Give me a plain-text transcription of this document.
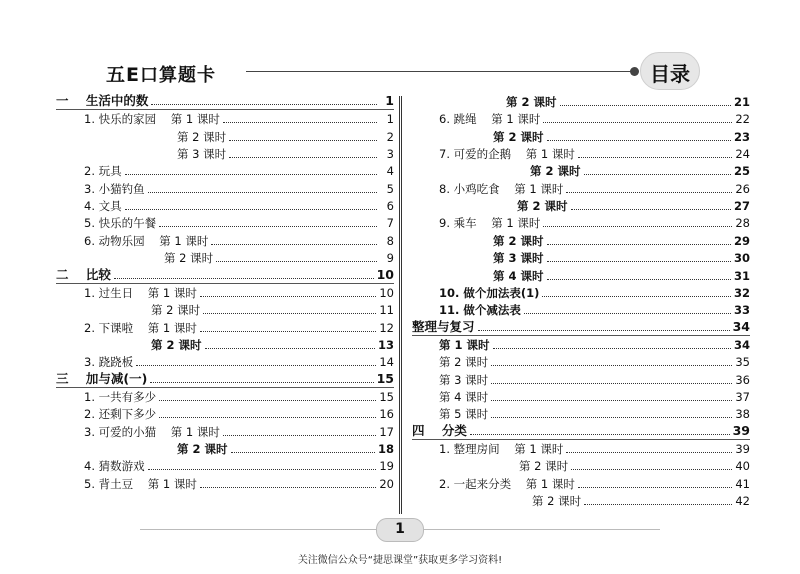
五E口算题卡	目录
一    生活中的数	1
1. 快乐的家园    第 1 课时	1
第 2 课时	2
第 3 课时	3
2. 玩具	4
3. 小猫钓鱼	5
4. 文具	6
5. 快乐的午餐	7
6. 动物乐园    第 1 课时	8
第 2 课时	9
二    比较	10
1. 过生日    第 1 课时	10
第 2 课时	11
2. 下课啦    第 1 课时	12
第 2 课时	13
3. 跷跷板	14
三    加与减(一)	15
1. 一共有多少	15
2. 还剩下多少	16
3. 可爱的小猫    第 1 课时	17
第 2 课时	18
4. 猜数游戏	19
5. 背土豆    第 1 课时	20
第 2 课时	21
6. 跳绳    第 1 课时	22
第 2 课时	23
7. 可爱的企鹅    第 1 课时	24
第 2 课时	25
8. 小鸡吃食    第 1 课时	26
第 2 课时	27
9. 乘车    第 1 课时	28
第 2 课时	29
第 3 课时	30
第 4 课时	31
10. 做个加法表(1)	32
11. 做个减法表	33
整理与复习	34
第 1 课时	34
第 2 课时	35
第 3 课时	36
第 4 课时	37
第 5 课时	38
四    分类	39
1. 整理房间    第 1 课时	39
第 2 课时	40
2. 一起来分类    第 1 课时	41
第 2 课时	42
1
关注微信公众号“捷思课堂”获取更多学习资料!
